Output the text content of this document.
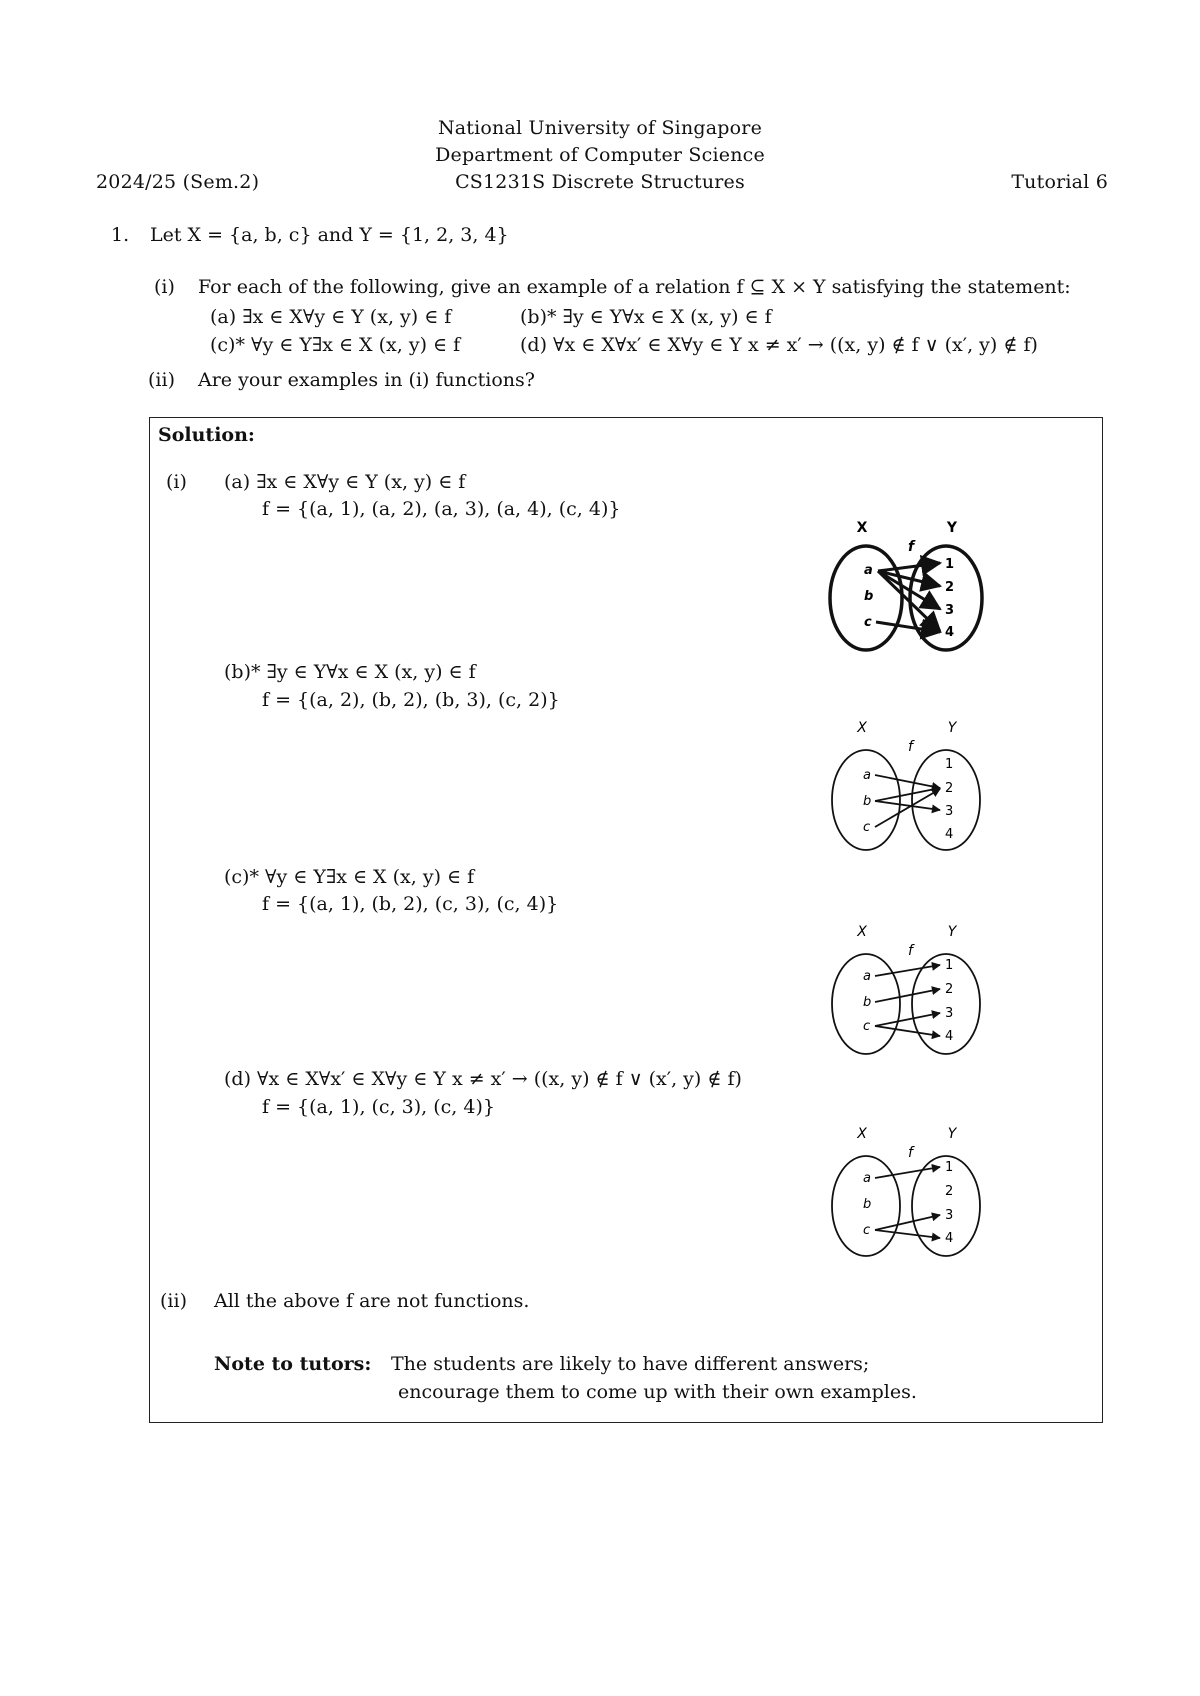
National University of Singapore
Department of Computer Science
CS1231S Discrete Structures
2024/25 (Sem.2)	Tutorial 6
1. Let X = {a, b, c} and Y = {1, 2, 3, 4}
(i) For each of the following, give an example of a relation f ⊆ X × Y satisfying the statement:
(a) ∃x ∈ X∀y ∈ Y (x, y) ∈ f	(b)* ∃y ∈ Y∀x ∈ X (x, y) ∈ f
(c)* ∀y ∈ Y∃x ∈ X (x, y) ∈ f	(d) ∀x ∈ X∀x′ ∈ X∀y ∈ Y x ≠ x′ → ((x, y) ∉ f ∨ (x′, y) ∉ f)
(ii) Are your examples in (i) functions?
Solution:
(i) (a) ∃x ∈ X∀y ∈ Y (x, y) ∈ f
f = {(a, 1), (a, 2), (a, 3), (a, 4), (c, 4)}
(b)* ∃y ∈ Y∀x ∈ X (x, y) ∈ f
f = {(a, 2), (b, 2), (b, 3), (c, 2)}
(c)* ∀y ∈ Y∃x ∈ X (x, y) ∈ f
f = {(a, 1), (b, 2), (c, 3), (c, 4)}
(d) ∀x ∈ X∀x′ ∈ X∀y ∈ Y x ≠ x′ → ((x, y) ∉ f ∨ (x′, y) ∉ f)
f = {(a, 1), (c, 3), (c, 4)}
(ii) All the above f are not functions.
Note to tutors: The students are likely to have different answers;
encourage them to come up with their own examples.
X	Y
f
a
b
c
1
2
3
4
X	Y
f
a
b
c
1
2
3
4
X	Y
f
a
b
c
1
2
3
4
X	Y
f
a
b
c
1
2
3
4
